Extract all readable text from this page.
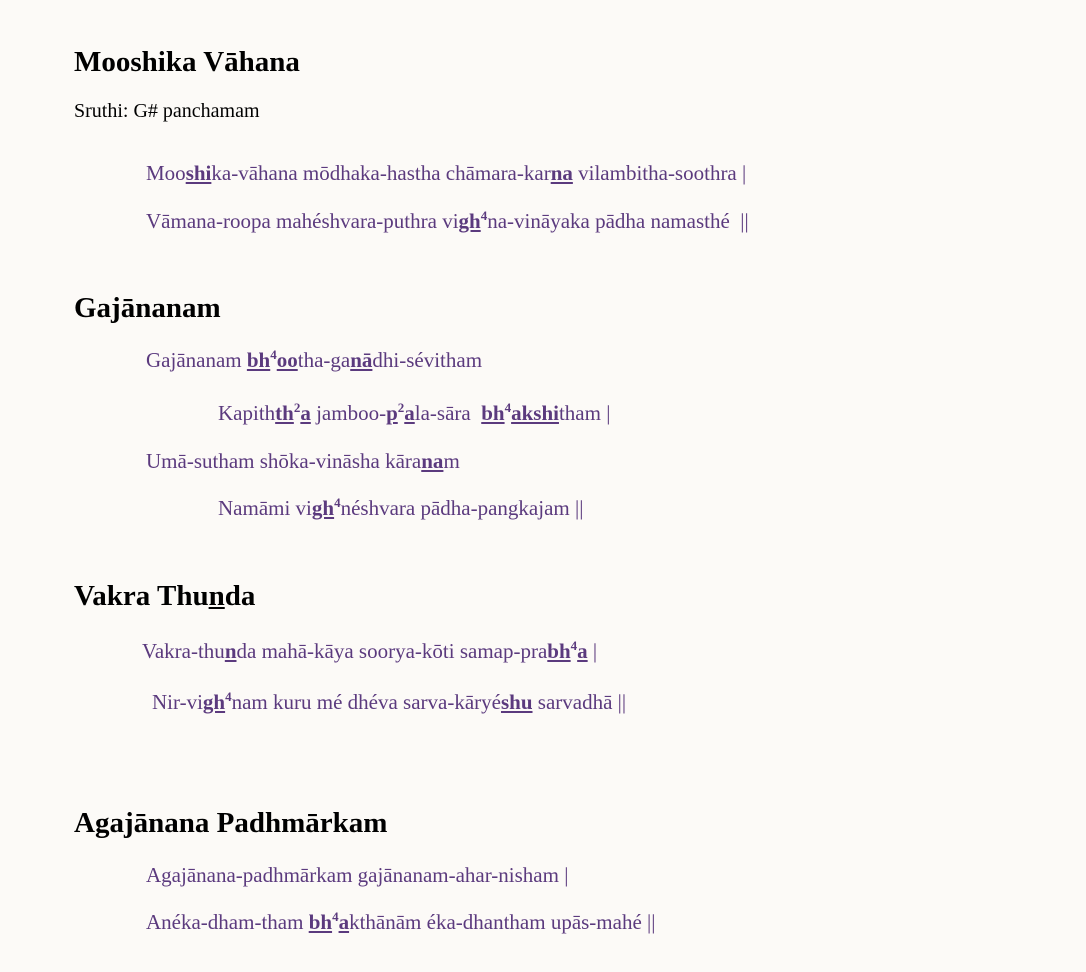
Mooshika Vāhana
Sruthi: G# panchamam
Mooshika-vāhana mōdhaka-hastha chāmara-karna vilambitha-soothra |
Vāmana-roopa mahéshvara-puthra vigh$^4$na-vināyaka pādha namasthé  ||
Gajānanam
Gajānanam $bh^4ootha-ganādhi$-sévitham
Kapithth$^2$a jamboo-$p^2ala$-sāra  $bh^4akshitham$ |
Umā-sutham shōka-vināsha kāranam
Namāmi vigh$^4$néshvara pādha-pangkajam ||
Vakra Thunda
Vakra-thunda mahā-kāya soorya-kōti samap-prabh$^4$a |
Nir-vigh$^4$nam kuru mé dhéva sarva-kāryéshu sarvadhā ||
Agajānana Padhmārkam
Agajānana-padhmārkam gajānanam-ahar-nisham |
Anéka-dham-tham $bh^4akthānām$ éka-dhantham upās-mahé ||
